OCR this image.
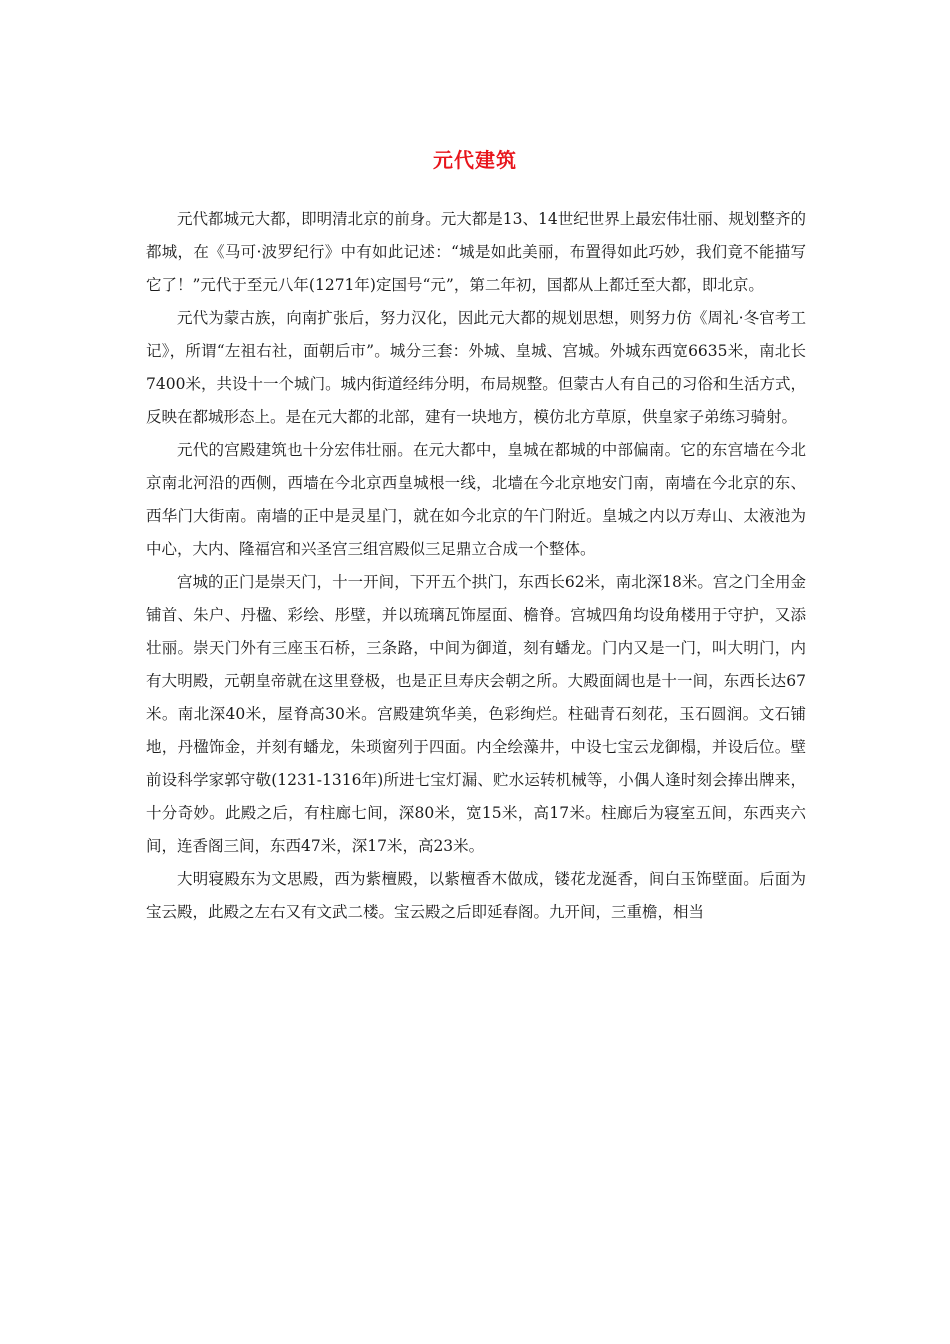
元代建筑

元代都城元大都，即明清北京的前身。元大都是13、14世纪世界上最宏伟壮丽、规划整齐的都城，在《马可·波罗纪行》中有如此记述：“城是如此美丽，布置得如此巧妙，我们竟不能描写它了！”元代于至元八年(1271年)定国号“元”，第二年初，国都从上都迁至大都，即北京。

元代为蒙古族，向南扩张后，努力汉化，因此元大都的规划思想，则努力仿《周礼·冬官考工记》，所谓“左祖右社，面朝后市”。城分三套：外城、皇城、宫城。外城东西宽6635米，南北长7400米，共设十一个城门。城内街道经纬分明，布局规整。但蒙古人有自己的习俗和生活方式，反映在都城形态上。是在元大都的北部，建有一块地方，模仿北方草原，供皇家子弟练习骑射。

元代的宫殿建筑也十分宏伟壮丽。在元大都中，皇城在都城的中部偏南。它的东宫墙在今北京南北河沿的西侧，西墙在今北京西皇城根一线，北墙在今北京地安门南，南墙在今北京的东、西华门大街南。南墙的正中是灵星门，就在如今北京的午门附近。皇城之内以万寿山、太液池为中心，大内、隆福宫和兴圣宫三组宫殿似三足鼎立合成一个整体。

宫城的正门是崇天门，十一开间，下开五个拱门，东西长62米，南北深18米。宫之门全用金铺首、朱户、丹楹、彩绘、彤壁，并以琉璃瓦饰屋面、檐脊。宫城四角均设角楼用于守护，又添壮丽。崇天门外有三座玉石桥，三条路，中间为御道，刻有蟠龙。门内又是一门，叫大明门，内有大明殿，元朝皇帝就在这里登极，也是正旦寿庆会朝之所。大殿面阔也是十一间，东西长达67米。南北深40米，屋脊高30米。宫殿建筑华美，色彩绚烂。柱础青石刻花，玉石圆润。文石铺地，丹楹饰金，并刻有蟠龙，朱琐窗列于四面。内全绘藻井，中设七宝云龙御榻，并设后位。壁前设科学家郭守敬(1231-1316年)所进七宝灯漏、贮水运转机械等，小偶人逢时刻会捧出牌来，十分奇妙。此殿之后，有柱廊七间，深80米，宽15米，高17米。柱廊后为寝室五间，东西夹六间，连香阁三间，东西47米，深17米，高23米。

大明寝殿东为文思殿，西为紫檀殿，以紫檀香木做成，镂花龙涎香，间白玉饰壁面。后面为宝云殿，此殿之左右又有文武二楼。宝云殿之后即延春阁。九开间，三重檐，相当
